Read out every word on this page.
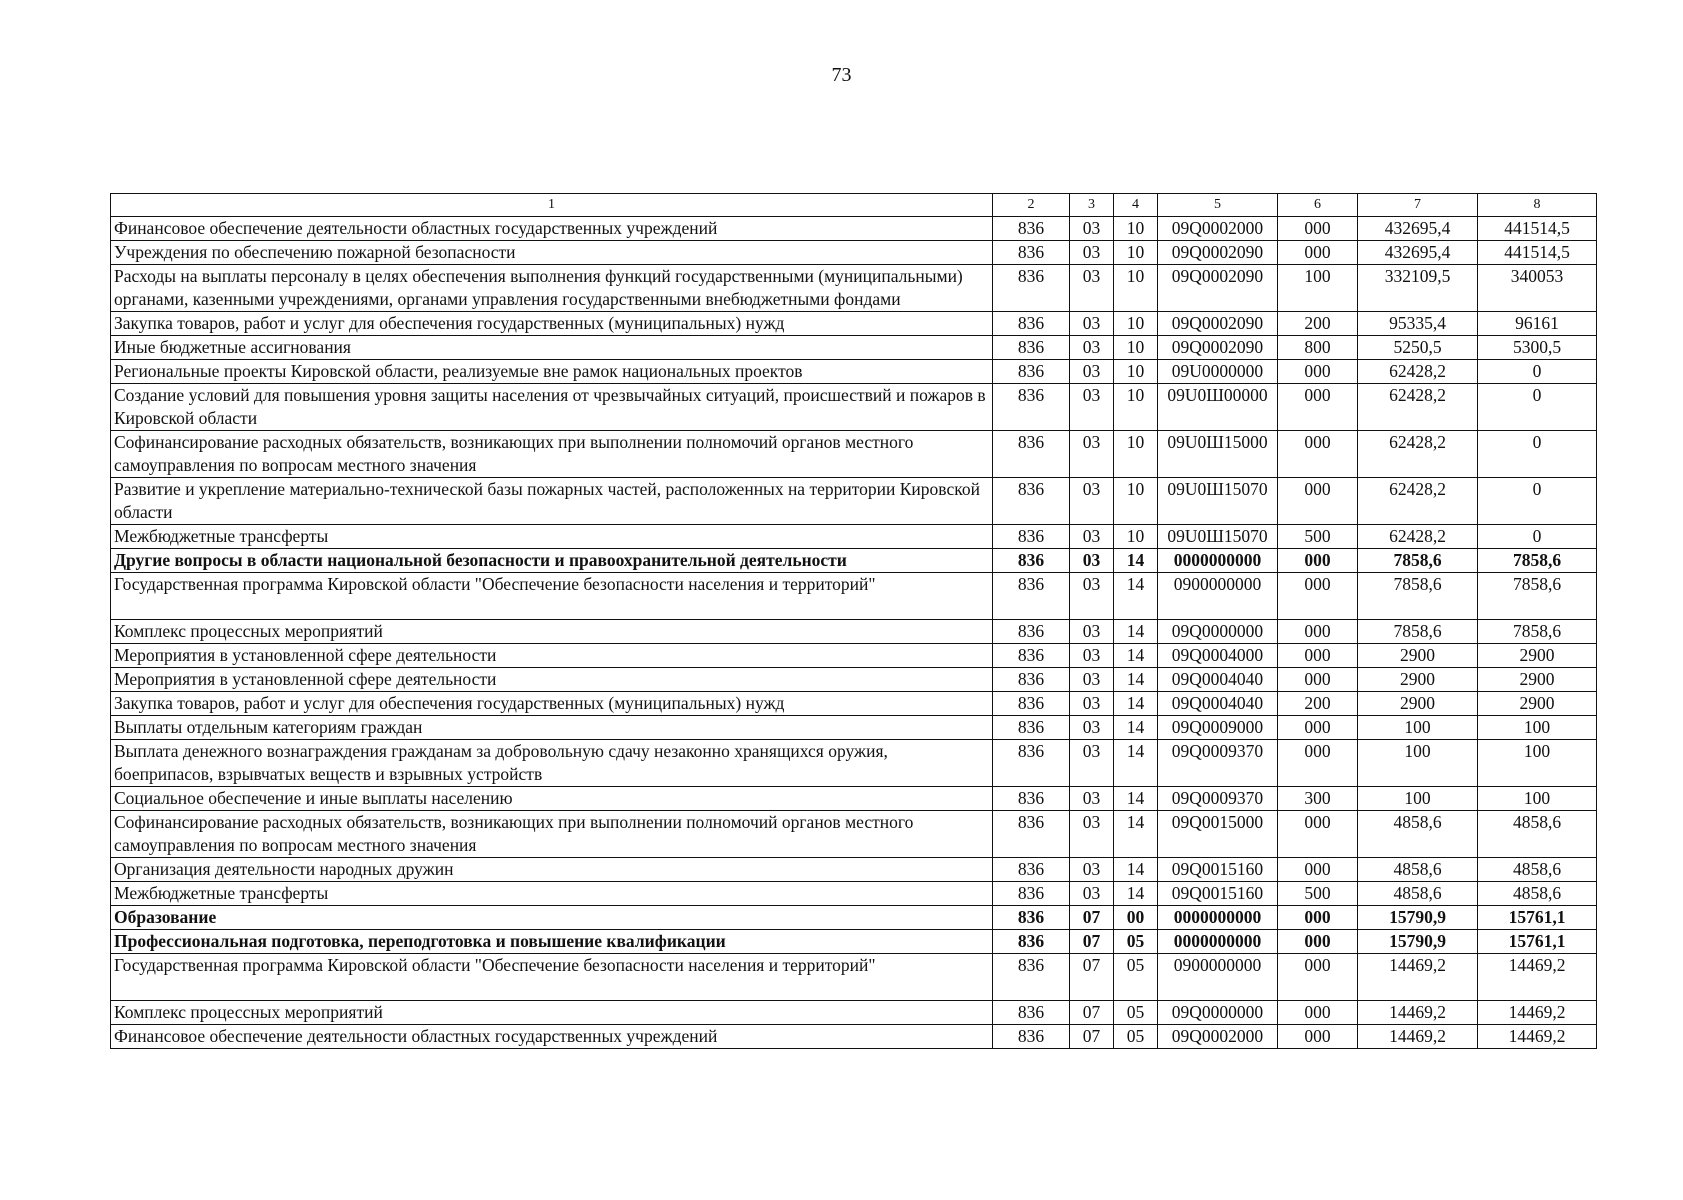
73
1	2	3	4	5	6	7	8
Финансовое обеспечение деятельности областных государственных учреждений	836	03	10	09Q0002000	000	432695,4	441514,5
Учреждения по обеспечению пожарной безопасности	836	03	10	09Q0002090	000	432695,4	441514,5
Расходы на выплаты персоналу в целях обеспечения выполнения функций государственными (муниципальными) органами, казенными учреждениями, органами управления государственными внебюджетными фондами	836	03	10	09Q0002090	100	332109,5	340053
Закупка товаров, работ и услуг для обеспечения государственных (муниципальных) нужд	836	03	10	09Q0002090	200	95335,4	96161
Иные бюджетные ассигнования	836	03	10	09Q0002090	800	5250,5	5300,5
Региональные проекты Кировской области, реализуемые вне рамок национальных проектов	836	03	10	09U0000000	000	62428,2	0
Создание условий для повышения уровня защиты населения от чрезвычайных ситуаций, происшествий и пожаров в Кировской области	836	03	10	09U0Ш00000	000	62428,2	0
Софинансирование расходных обязательств, возникающих при выполнении полномочий органов местного самоуправления по вопросам местного значения	836	03	10	09U0Ш15000	000	62428,2	0
Развитие и укрепление материально-технической базы пожарных частей, расположенных на территории Кировской области	836	03	10	09U0Ш15070	000	62428,2	0
Межбюджетные трансферты	836	03	10	09U0Ш15070	500	62428,2	0
Другие вопросы в области национальной безопасности и правоохранительной деятельности	836	03	14	0000000000	000	7858,6	7858,6
Государственная программа Кировской области "Обеспечение безопасности населения и территорий"	836	03	14	0900000000	000	7858,6	7858,6
Комплекс процессных мероприятий	836	03	14	09Q0000000	000	7858,6	7858,6
Мероприятия в установленной сфере деятельности	836	03	14	09Q0004000	000	2900	2900
Мероприятия в установленной сфере деятельности	836	03	14	09Q0004040	000	2900	2900
Закупка товаров, работ и услуг для обеспечения государственных (муниципальных) нужд	836	03	14	09Q0004040	200	2900	2900
Выплаты отдельным категориям граждан	836	03	14	09Q0009000	000	100	100
Выплата денежного вознаграждения гражданам за добровольную сдачу незаконно хранящихся оружия, боеприпасов, взрывчатых веществ и взрывных устройств	836	03	14	09Q0009370	000	100	100
Социальное обеспечение и иные выплаты населению	836	03	14	09Q0009370	300	100	100
Софинансирование расходных обязательств, возникающих при выполнении полномочий органов местного самоуправления по вопросам местного значения	836	03	14	09Q0015000	000	4858,6	4858,6
Организация деятельности народных дружин	836	03	14	09Q0015160	000	4858,6	4858,6
Межбюджетные трансферты	836	03	14	09Q0015160	500	4858,6	4858,6
Образование	836	07	00	0000000000	000	15790,9	15761,1
Профессиональная подготовка, переподготовка и повышение квалификации	836	07	05	0000000000	000	15790,9	15761,1
Государственная программа Кировской области "Обеспечение безопасности населения и территорий"	836	07	05	0900000000	000	14469,2	14469,2
Комплекс процессных мероприятий	836	07	05	09Q0000000	000	14469,2	14469,2
Финансовое обеспечение деятельности областных государственных учреждений	836	07	05	09Q0002000	000	14469,2	14469,2
